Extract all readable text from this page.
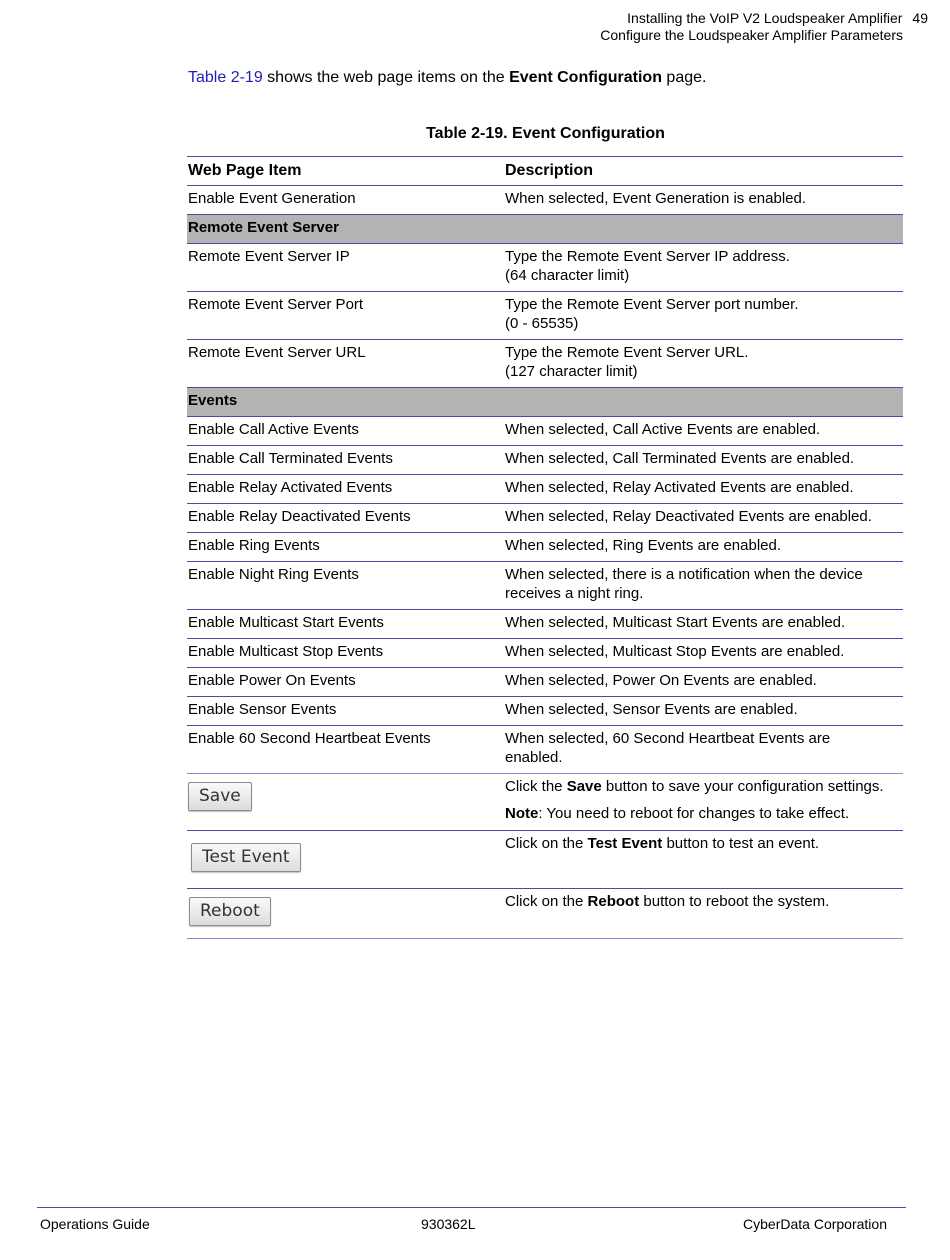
Installing the VoIP V2 Loudspeaker Amplifier 49
Configure the Loudspeaker Amplifier Parameters
Table 2-19 shows the web page items on the Event Configuration page.
Table 2-19. Event Configuration
Web Page Item	Description
Enable Event Generation	When selected, Event Generation is enabled.

Remote Event Server	
Remote Event Server IP	Type the Remote Event Server IP address.
(64 character limit)

Remote Event Server Port	Type the Remote Event Server port number.
(0 - 65535)

Remote Event Server URL	Type the Remote Event Server URL.
(127 character limit)

Events	
Enable Call Active Events	When selected, Call Active Events are enabled.

Enable Call Terminated Events	When selected, Call Terminated Events are enabled.

Enable Relay Activated Events	When selected, Relay Activated Events are enabled.

Enable Relay Deactivated Events	When selected, Relay Deactivated Events are enabled.

Enable Ring Events	When selected, Ring Events are enabled.

Enable Night Ring Events	When selected, there is a notification when the device
receives a night ring.

Enable Multicast Start Events	When selected, Multicast Start Events are enabled.

Enable Multicast Stop Events	When selected, Multicast Stop Events are enabled.

Enable Power On Events	When selected, Power On Events are enabled.

Enable Sensor Events	When selected, Sensor Events are enabled.

Enable 60 Second Heartbeat Events	When selected, 60 Second Heartbeat Events are
enabled.

Save	Click the Save button to save your configuration settings.
Note: You need to reboot for changes to take effect.

Test Event	Click on the Test Event button to test an event.
Reboot	Click on the Reboot button to reboot the system.
Operations Guide	930362L	CyberData Corporation
